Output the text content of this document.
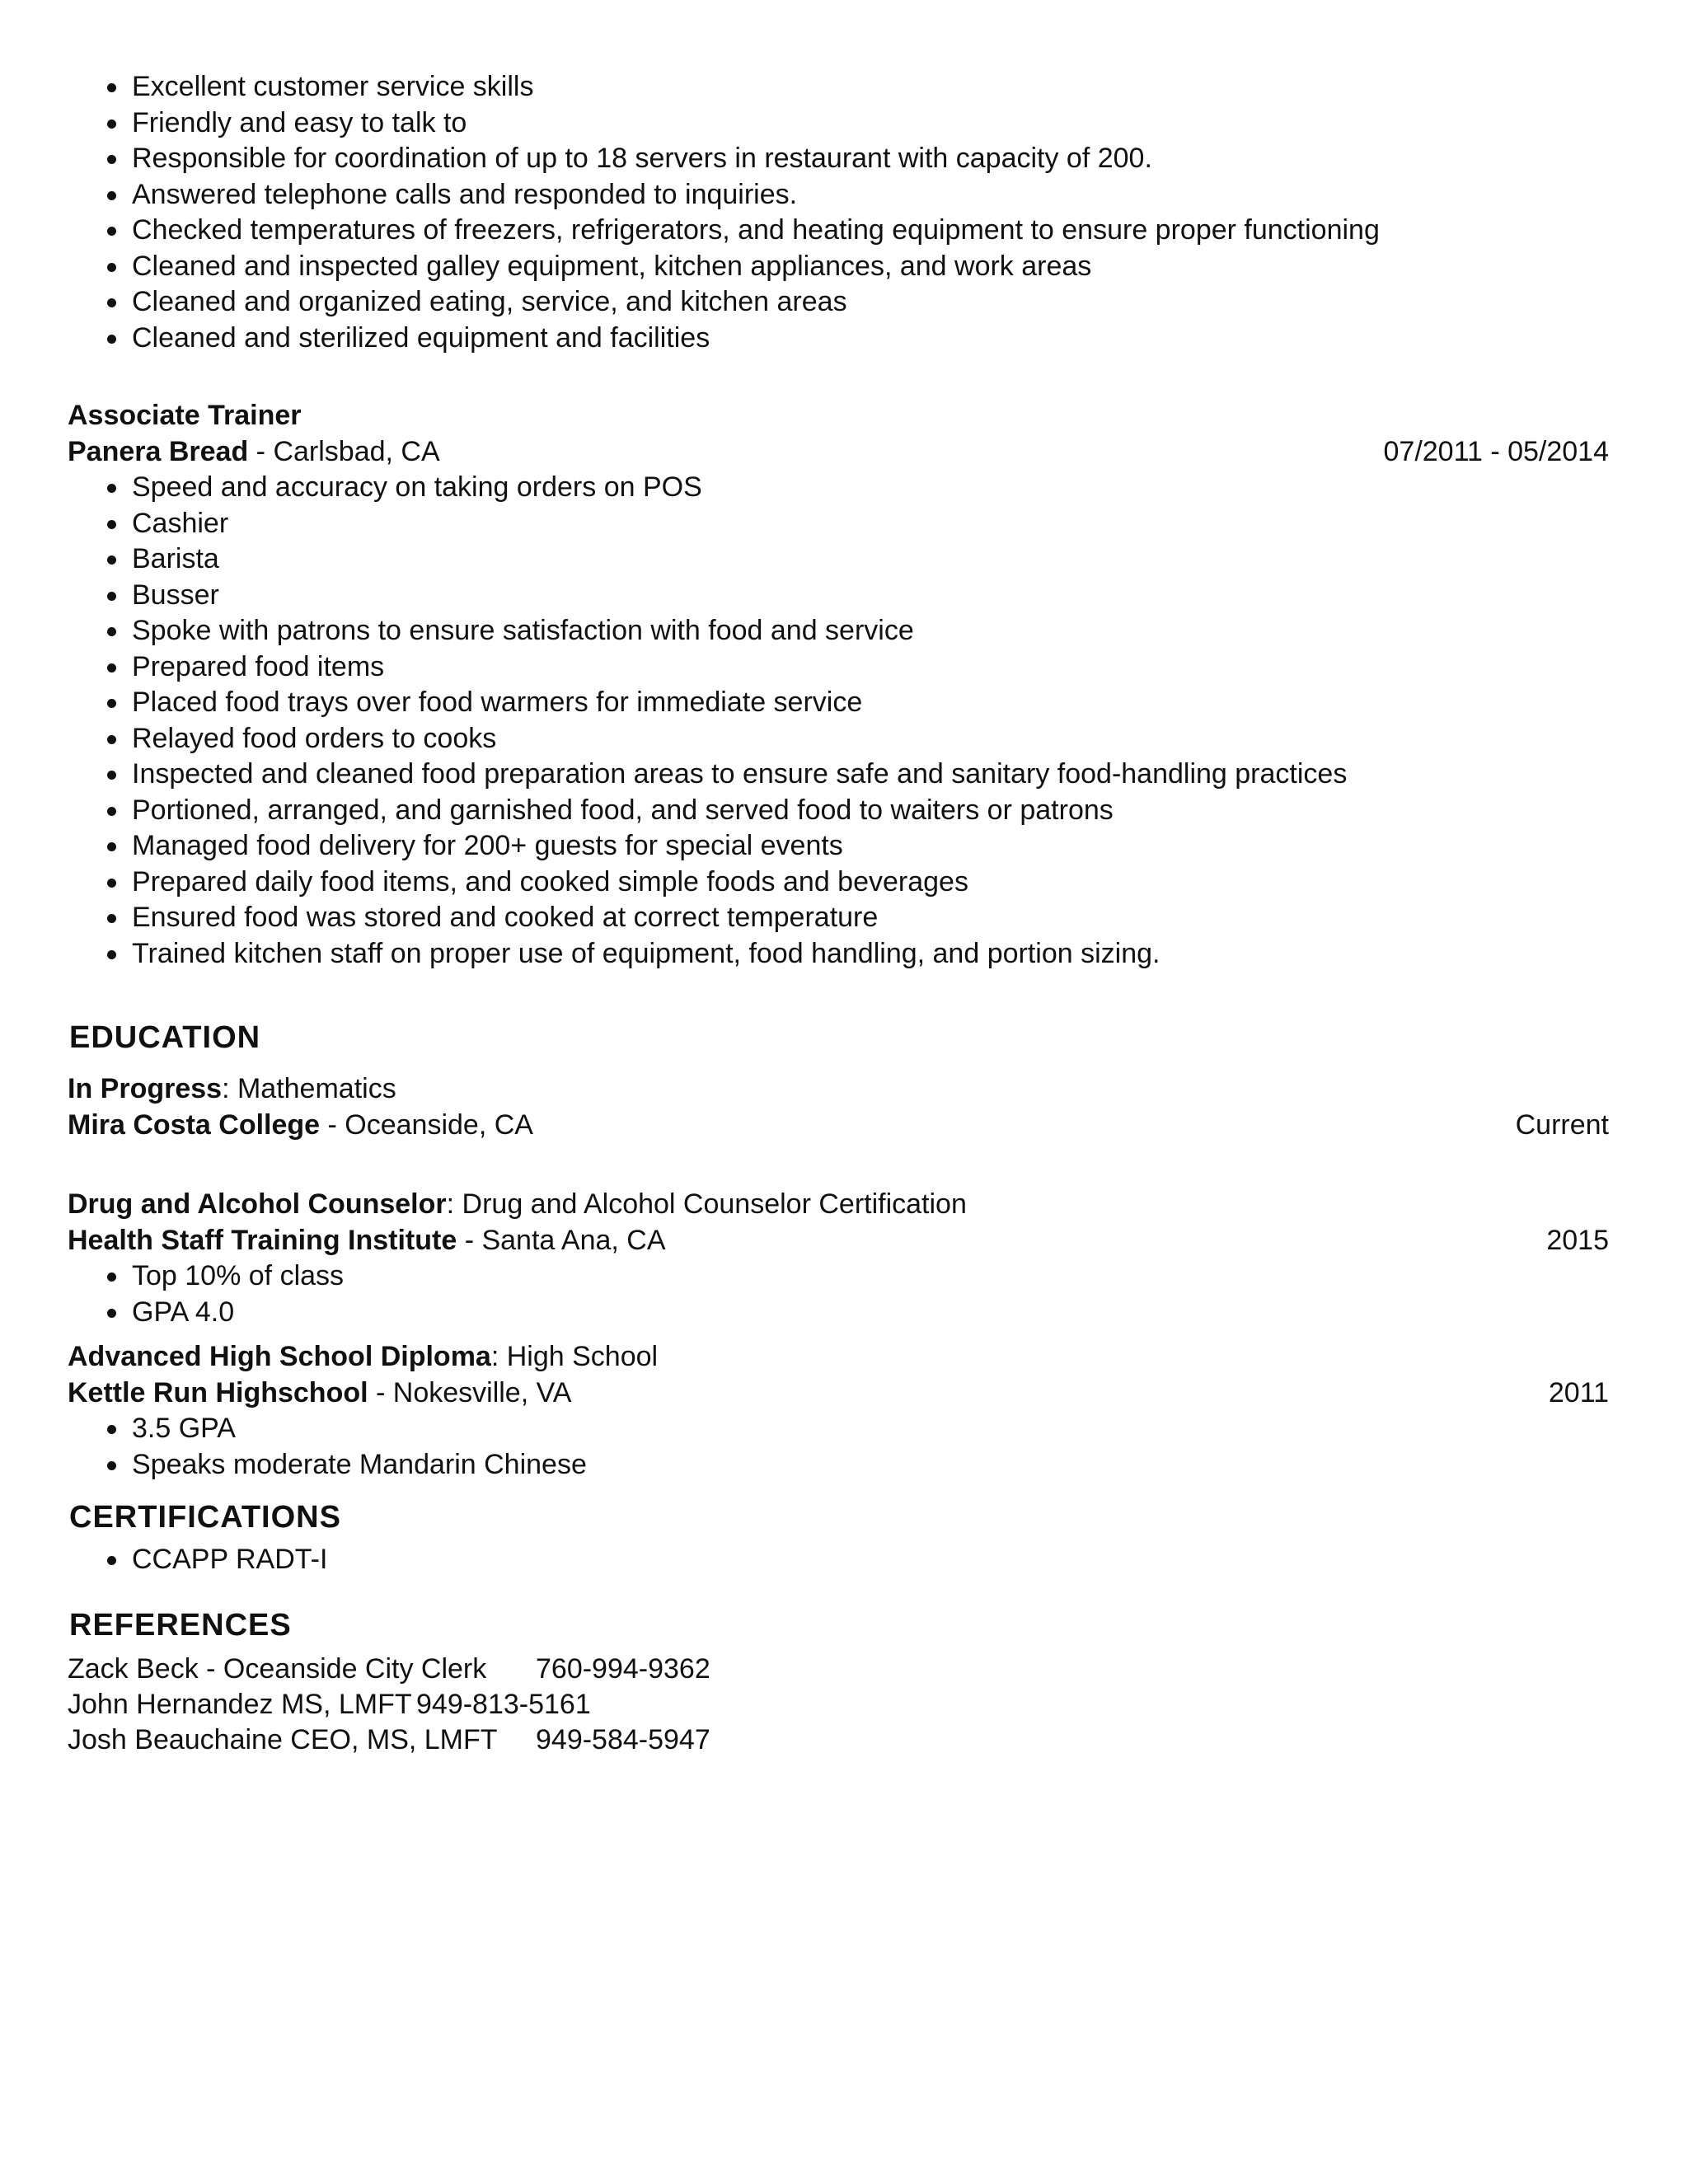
Excellent customer service skills
Friendly and easy to talk to
Responsible for coordination of up to 18 servers in restaurant with capacity of 200.
Answered telephone calls and responded to inquiries.
Checked temperatures of freezers, refrigerators, and heating equipment to ensure proper functioning
Cleaned and inspected galley equipment, kitchen appliances, and work areas
Cleaned and organized eating, service, and kitchen areas
Cleaned and sterilized equipment and facilities
Associate Trainer
Panera Bread - Carlsbad, CA	07/2011 - 05/2014
Speed and accuracy on taking orders on POS
Cashier
Barista
Busser
Spoke with patrons to ensure satisfaction with food and service
Prepared food items
Placed food trays over food warmers for immediate service
Relayed food orders to cooks
Inspected and cleaned food preparation areas to ensure safe and sanitary food-handling practices
Portioned, arranged, and garnished food, and served food to waiters or patrons
Managed food delivery for 200+ guests for special events
Prepared daily food items, and cooked simple foods and beverages
Ensured food was stored and cooked at correct temperature
Trained kitchen staff on proper use of equipment, food handling, and portion sizing.
EDUCATION
In Progress: Mathematics
Mira Costa College - Oceanside, CA	Current
Drug and Alcohol Counselor: Drug and Alcohol Counselor Certification
Health Staff Training Institute - Santa Ana, CA	2015
Top 10% of class
GPA 4.0
Advanced High School Diploma: High School
Kettle Run Highschool - Nokesville, VA	2011
3.5 GPA
Speaks moderate Mandarin Chinese
CERTIFICATIONS
CCAPP RADT-I
REFERENCES
Zack Beck - Oceanside City Clerk 760-994-9362
John Hernandez MS, LMFT 949-813-5161
Josh Beauchaine CEO, MS, LMFT 949-584-5947
